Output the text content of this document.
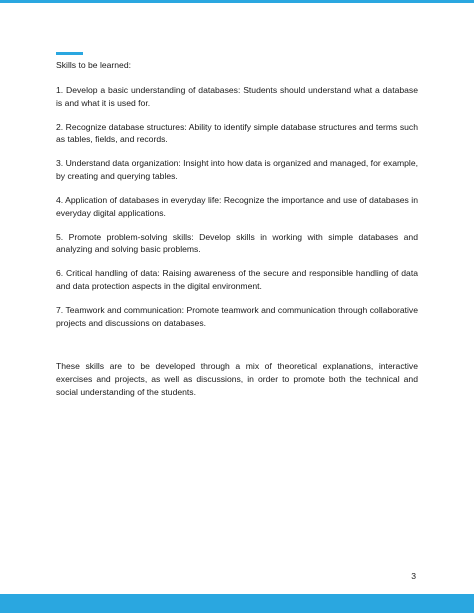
Skills to be learned:

1. Develop a basic understanding of databases: Students should understand what a database is and what it is used for.

2. Recognize database structures: Ability to identify simple database structures and terms such as tables, fields, and records.

3. Understand data organization: Insight into how data is organized and managed, for example, by creating and querying tables.

4. Application of databases in everyday life: Recognize the importance and use of databases in everyday digital applications.

5. Promote problem-solving skills: Develop skills in working with simple databases and analyzing and solving basic problems.

6. Critical handling of data: Raising awareness of the secure and responsible handling of data and data protection aspects in the digital environment.

7. Teamwork and communication: Promote teamwork and communication through collaborative projects and discussions on databases.

These skills are to be developed through a mix of theoretical explanations, interactive exercises and projects, as well as discussions, in order to promote both the technical and social understanding of the students.

3
